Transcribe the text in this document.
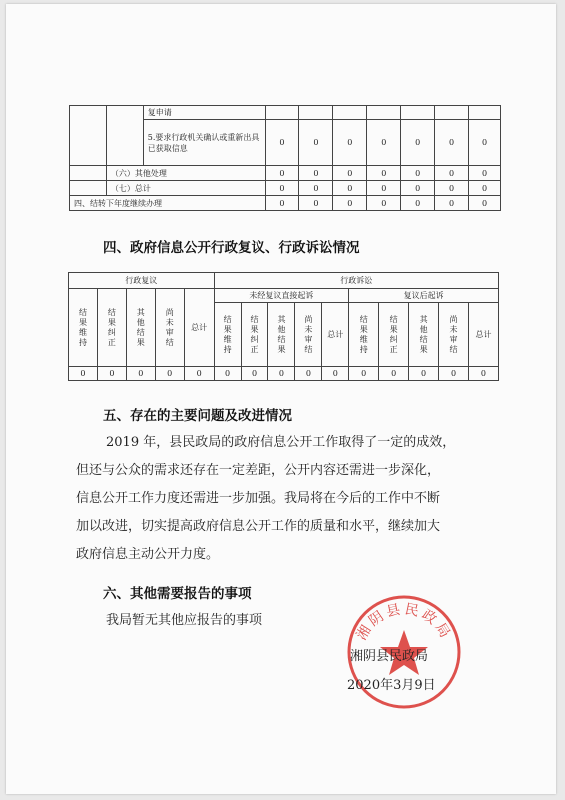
		复申请							
		5.要求行政机关确认或重新出具已获取信息	0	0	0	0	0	0	0
	（六）其他处理		0	0	0	0	0	0	0
	（七）总计		0	0	0	0	0	0	0
四、结转下年度继续办理			0	0	0	0	0	0	0
四、政府信息公开行政复议、行政诉讼情况
行政复议					行政诉讼									

结果维持	结果纠正	其他结果	尚未审结	总计	未经复议直接起诉					复议后起诉				

					结果维持	结果纠正	其他结果	尚未审结	总计	结果维持	结果纠正	其他结果	尚未审结	总计
0	0	0	0	0	0	0	0	0	0	0	0	0	0	0
五、存在的主要问题及改进情况
2019 年，县民政局的政府信息公开工作取得了一定的成效，
但还与公众的需求还存在一定差距，公开内容还需进一步深化，
信息公开工作力度还需进一步加强。我局将在今后的工作中不断
加以改进，切实提高政府信息公开工作的质量和水平，继续加大
政府信息主动公开力度。
六、其他需要报告的事项
我局暂无其他应报告的事项	湘阴县民政局
湘阴县民政局
2020年3月9日
